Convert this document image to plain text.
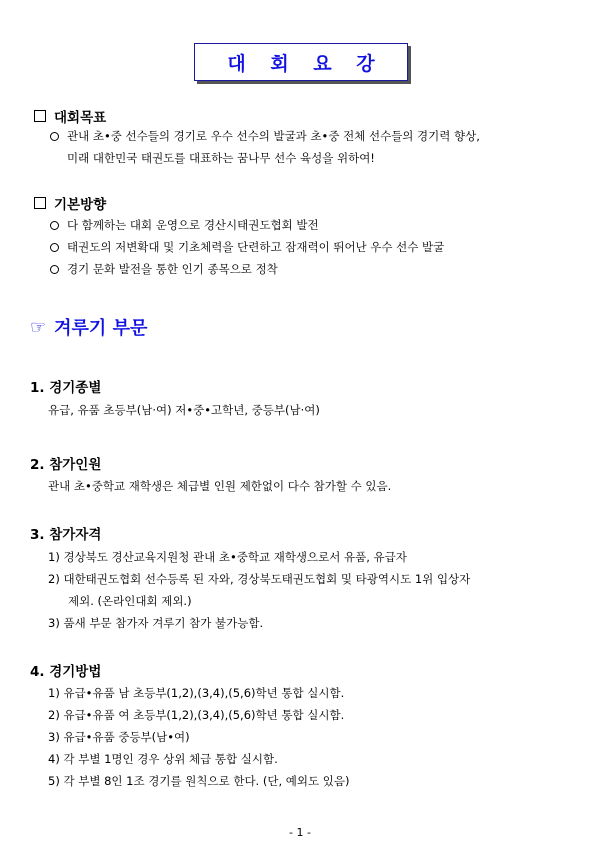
대 회 요 강
대회목표
관내 초•중 선수들의 경기로 우수 선수의 발굴과 초•중 전체 선수들의 경기력 향상,
미래 대한민국 태권도를 대표하는 꿈나무 선수 육성을 위하여!
기본방향
다 함께하는 대회 운영으로 경산시태권도협회 발전
태권도의 저변확대 및 기초체력을 단련하고 잠재력이 뛰어난 우수 선수 발굴
경기 문화 발전을 통한 인기 종목으로 정착
☞ 겨루기 부문
1. 경기종별
유급, 유품 초등부(남·여) 저•중•고학년, 중등부(남·여)
2. 참가인원
관내 초•중학교 재학생은 체급별 인원 제한없이 다수 참가할 수 있음.
3. 참가자격
1) 경상북도 경산교육지원청 관내 초•중학교 재학생으로서 유품, 유급자
2) 대한태권도협회 선수등록 된 자와, 경상북도태권도협회 및 타광역시도 1위 입상자
제외. (온라인대회 제외.)
3) 품새 부문 참가자 겨루기 참가 불가능함.
4. 경기방법
1) 유급•유품 남 초등부(1,2),(3,4),(5,6)학년 통합 실시함.
2) 유급•유품 여 초등부(1,2),(3,4),(5,6)학년 통합 실시함.
3) 유급•유품 중등부(남•여)
4) 각 부별 1명인 경우 상위 체급 통합 실시함.
5) 각 부별 8인 1조 경기를 원칙으로 한다. (단, 예외도 있음)
- 1 -
